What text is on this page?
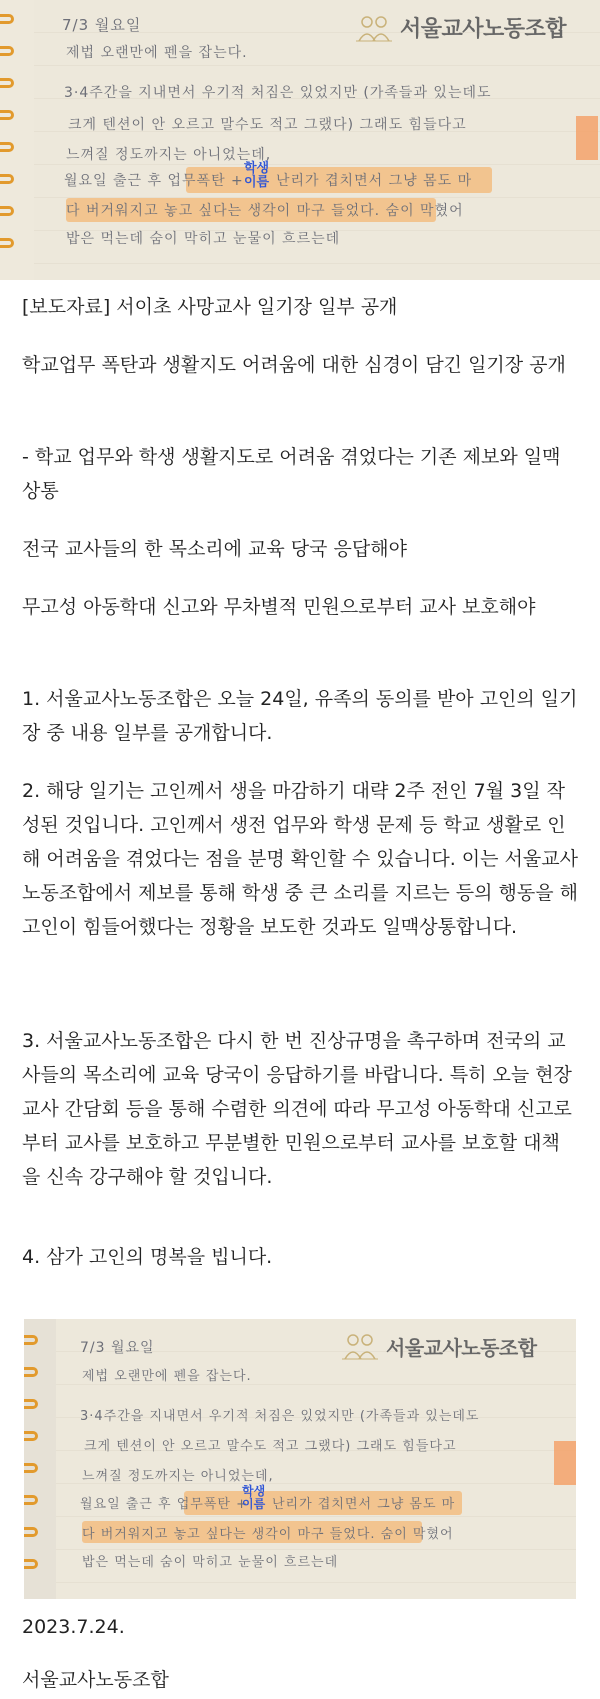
서울교사노동조합
7/3 월요일
제법 오랜만에 펜을 잡는다.
3·4주간을 지내면서 우기적 처짐은 있었지만 (가족들과 있는데도
크게 텐션이 안 오르고 말수도 적고 그랬다) 그래도 힘들다고
느껴질 정도까지는 아니었는데,
월요일 출근 후 업무폭탄 +
학생
이름 난리가 겹치면서 그냥 몸도 마
다 버거워지고 놓고 싶다는 생각이 마구 들었다. 숨이 막혔어
밥은 먹는데 숨이 막히고 눈물이 흐르는데
[보도자료] 서이초 사망교사 일기장 일부 공개
학교업무 폭탄과 생활지도 어려움에 대한 심경이 담긴 일기장 공개
- 학교 업무와 학생 생활지도로 어려움 겪었다는 기존 제보와 일맥상통
전국 교사들의 한 목소리에 교육 당국 응답해야
무고성 아동학대 신고와 무차별적 민원으로부터 교사 보호해야
1. 서울교사노동조합은 오늘 24일, 유족의 동의를 받아 고인의 일기장 중 내용 일부를 공개합니다.
2. 해당 일기는 고인께서 생을 마감하기 대략 2주 전인 7월 3일 작성된 것입니다. 고인께서 생전 업무와 학생 문제 등 학교 생활로 인해 어려움을 겪었다는 점을 분명 확인할 수 있습니다. 이는 서울교사노동조합에서 제보를 통해 학생 중 큰 소리를 지르는 등의 행동을 해 고인이 힘들어했다는 정황을 보도한 것과도 일맥상통합니다.
3. 서울교사노동조합은 다시 한 번 진상규명을 촉구하며 전국의 교사들의 목소리에 교육 당국이 응답하기를 바랍니다. 특히 오늘 현장교사 간담회 등을 통해 수렴한 의견에 따라 무고성 아동학대 신고로 부터 교사를 보호하고 무분별한 민원으로부터 교사를 보호할 대책을 신속 강구해야 할 것입니다.
4. 삼가 고인의 명복을 빕니다.
서울교사노동조합
7/3 월요일
제법 오랜만에 펜을 잡는다.
3·4주간을 지내면서 우기적 처짐은 있었지만 (가족들과 있는데도
크게 텐션이 안 오르고 말수도 적고 그랬다) 그래도 힘들다고
느껴질 정도까지는 아니었는데,
월요일 출근 후 업무폭탄 +
학생
이름 난리가 겹치면서 그냥 몸도 마
다 버거워지고 놓고 싶다는 생각이 마구 들었다. 숨이 막혔어
밥은 먹는데 숨이 막히고 눈물이 흐르는데
2023.7.24.
서울교사노동조합
